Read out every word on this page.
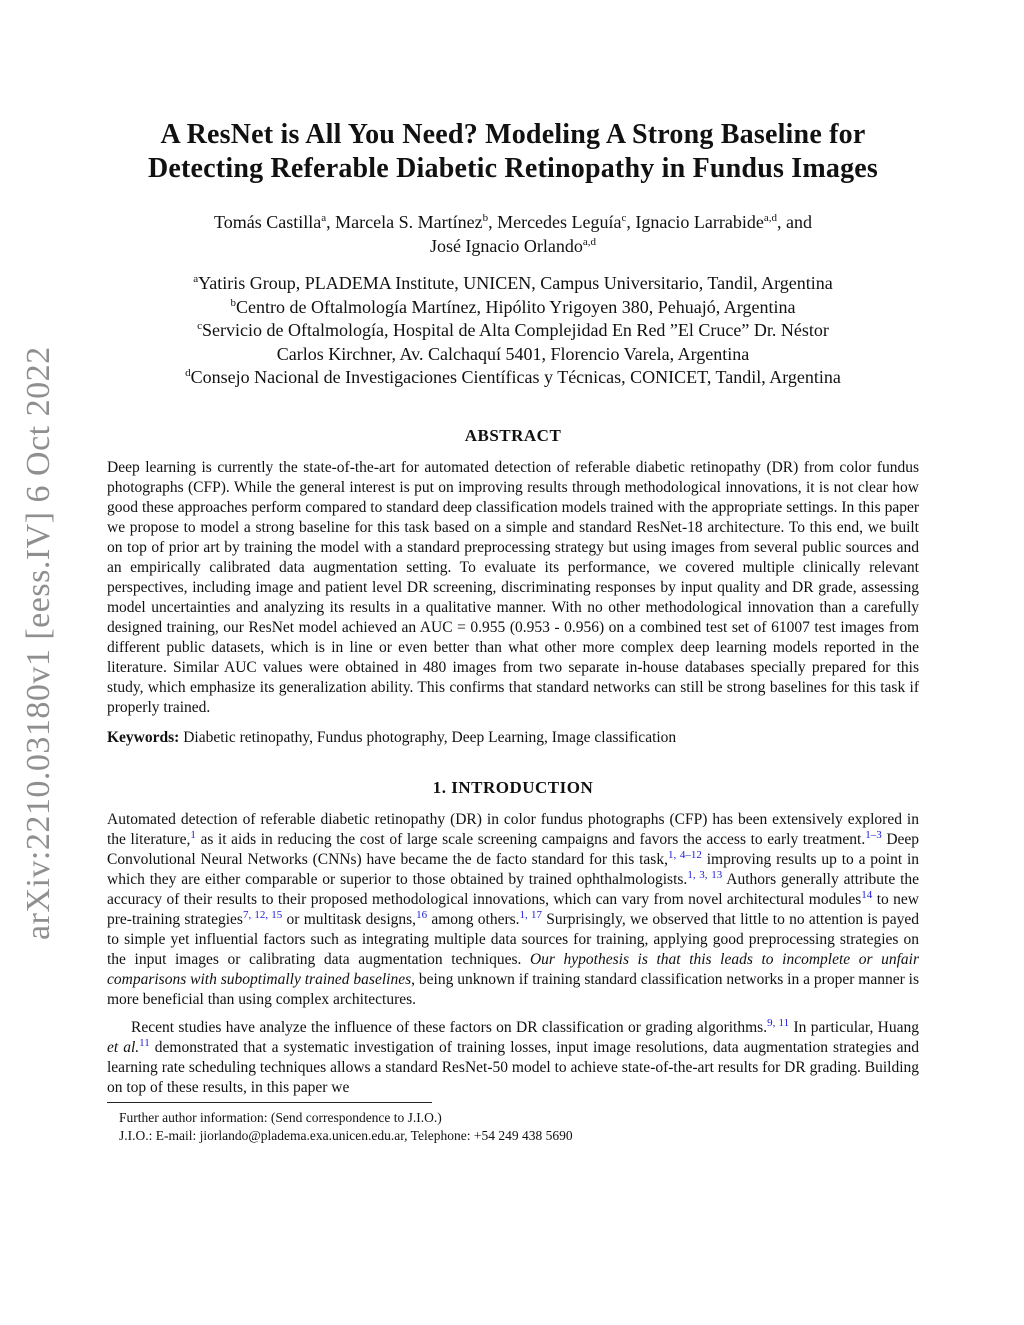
arXiv:2210.03180v1 [eess.IV] 6 Oct 2022
A ResNet is All You Need? Modeling A Strong Baseline for
Detecting Referable Diabetic Retinopathy in Fundus Images
Tomás Castilla$^a$, Marcela S. Martínez$^b$, Mercedes Leguía$^c$, Ignacio Larrabide$^{a,d}$, and
José Ignacio Orlando$^{a,d}$
$^a$Yatiris Group, PLADEMA Institute, UNICEN, Campus Universitario, Tandil, Argentina
$^b$Centro de Oftalmología Martínez, Hipólito Yrigoyen 380, Pehuajó, Argentina
$^c$Servicio de Oftalmología, Hospital de Alta Complejidad En Red ”El Cruce” Dr. Néstor
Carlos Kirchner, Av. Calchaquí 5401, Florencio Varela, Argentina
$^d$Consejo Nacional de Investigaciones Científicas y Técnicas, CONICET, Tandil, Argentina
ABSTRACT

Deep learning is currently the state-of-the-art for automated detection of referable diabetic retinopathy (DR) from color fundus photographs (CFP). While the general interest is put on improving results through methodological innovations, it is not clear how good these approaches perform compared to standard deep classification models trained with the appropriate settings. In this paper we propose to model a strong baseline for this task based on a simple and standard ResNet-18 architecture. To this end, we built on top of prior art by training the model with a standard preprocessing strategy but using images from several public sources and an empirically calibrated data augmentation setting. To evaluate its performance, we covered multiple clinically relevant perspectives, including image and patient level DR screening, discriminating responses by input quality and DR grade, assessing model uncertainties and analyzing its results in a qualitative manner. With no other methodological innovation than a carefully designed training, our ResNet model achieved an AUC = 0.955 (0.953 - 0.956) on a combined test set of 61007 test images from different public datasets, which is in line or even better than what other more complex deep learning models reported in the literature. Similar AUC values were obtained in 480 images from two separate in-house databases specially prepared for this study, which emphasize its generalization ability. This confirms that standard networks can still be strong baselines for this task if properly trained.

Keywords: Diabetic retinopathy, Fundus photography, Deep Learning, Image classification
1. INTRODUCTION

Automated detection of referable diabetic retinopathy (DR) in color fundus photographs (CFP) has been extensively explored in the literature,$^1$ as it aids in reducing the cost of large scale screening campaigns and favors the access to early treatment.$^{1-3}$ Deep Convolutional Neural Networks (CNNs) have became the de facto standard for this task,$^{1, 4-12}$ improving results up to a point in which they are either comparable or superior to those obtained by trained ophthalmologists.$^{1, 3, 13}$ Authors generally attribute the accuracy of their results to their proposed methodological innovations, which can vary from novel architectural modules$^{14}$ to new pre-training strategies$^{7, 12, 15}$ or multitask designs,$^{16}$ among others.$^{1, 17}$ Surprisingly, we observed that little to no attention is payed to simple yet influential factors such as integrating multiple data sources for training, applying good preprocessing strategies on the input images or calibrating data augmentation techniques. Our hypothesis is that this leads to incomplete or unfair comparisons with suboptimally trained baselines, being unknown if training standard classification networks in a proper manner is more beneficial than using complex architectures.

Recent studies have analyze the influence of these factors on DR classification or grading algorithms.$^{9, 11}$ In particular, Huang et al.$^{11}$ demonstrated that a systematic investigation of training losses, input image resolutions, data augmentation strategies and learning rate scheduling techniques allows a standard ResNet-50 model to achieve state-of-the-art results for DR grading. Building on top of these results, in this paper we

Further author information: (Send correspondence to J.I.O.)
J.I.O.: E-mail: jiorlando@pladema.exa.unicen.edu.ar, Telephone: +54 249 438 5690
